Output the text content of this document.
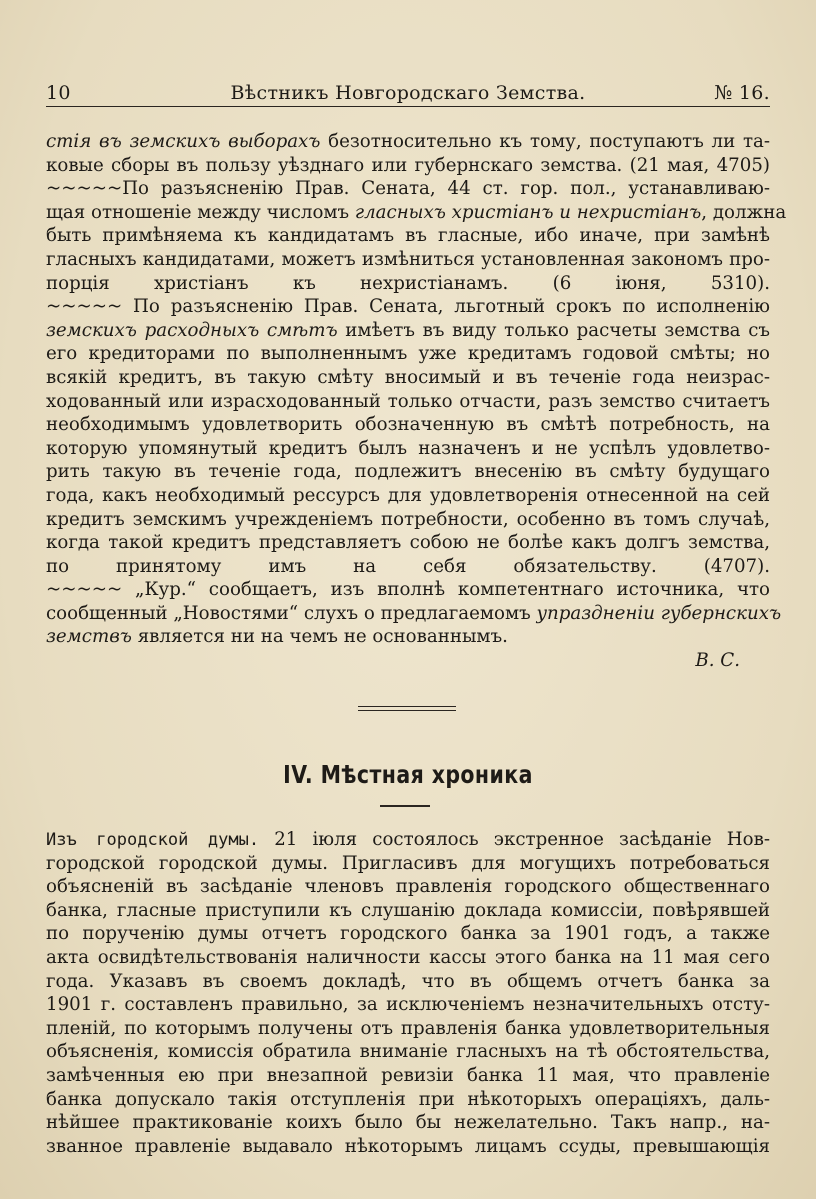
10	Вѣстникъ Новгородскаго Земства.	№ 16.
стія въ земскихъ выборахъ безотносительно къ тому, поступаютъ ли та-
ковые сборы въ пользу уѣзднаго или губернскаго земства. (21 мая, 4705)
~~~~~По разъясненію Прав. Сената, 44 ст. гор. пол., устанавливаю-
щая отношеніе между числомъ гласныхъ христіанъ и нехристіанъ, должна
быть примѣняема къ кандидатамъ въ гласные, ибо иначе, при замѣнѣ
гласныхъ кандидатами, можетъ измѣниться установленная закономъ про-
порція христіанъ къ нехристіанамъ. (6 іюня, 5310).
~~~~~ По разъясненію Прав. Сената, льготный срокъ по исполненію
земскихъ расходныхъ смѣтъ имѣетъ въ виду только расчеты земства съ
его кредиторами по выполненнымъ уже кредитамъ годовой смѣты; но
всякій кредитъ, въ такую смѣту вносимый и въ теченіе года неизрас-
ходованный или израсходованный только отчасти, разъ земство считаетъ
необходимымъ удовлетворить обозначенную въ смѣтѣ потребность, на
которую упомянутый кредитъ былъ назначенъ и не успѣлъ удовлетво-
рить такую въ теченіе года, подлежитъ внесенію въ смѣту будущаго
года, какъ необходимый рессурсъ для удовлетворенія отнесенной на сей
кредитъ земскимъ учрежденіемъ потребности, особенно въ томъ случаѣ,
когда такой кредитъ представляетъ собою не болѣе какъ долгъ земства,
по принятому имъ на себя обязательству. (4707).
~~~~~ „Кур.“ сообщаетъ, изъ вполнѣ компетентнаго источника, что
сообщенный „Новостями“ слухъ о предлагаемомъ упраздненіи губернскихъ
земствъ является ни на чемъ не основаннымъ.
В. С.
IV. Мѣстная хроника
Изъ городской думы. 21 іюля состоялось экстренное засѣданіе Нов-
городской городской думы. Пригласивъ для могущихъ потребоваться
объясненій въ засѣданіе членовъ правленія городского общественнаго
банка, гласные приступили къ слушанію доклада комиссіи, повѣрявшей
по порученію думы отчетъ городского банка за 1901 годъ, а также
акта освидѣтельствованія наличности кассы этого банка на 11 мая сего
года. Указавъ въ своемъ докладѣ, что въ общемъ отчетъ банка за
1901 г. составленъ правильно, за исключеніемъ незначительныхъ отсту-
пленій, по которымъ получены отъ правленія банка удовлетворительныя
объясненія, комиссія обратила вниманіе гласныхъ на тѣ обстоятельства,
замѣченныя ею при внезапной ревизіи банка 11 мая, что правленіе
банка допускало такія отступленія при нѣкоторыхъ операціяхъ, даль-
нѣйшее практикованіе коихъ было бы нежелательно. Такъ напр., на-
званное правленіе выдавало нѣкоторымъ лицамъ ссуды, превышающія
